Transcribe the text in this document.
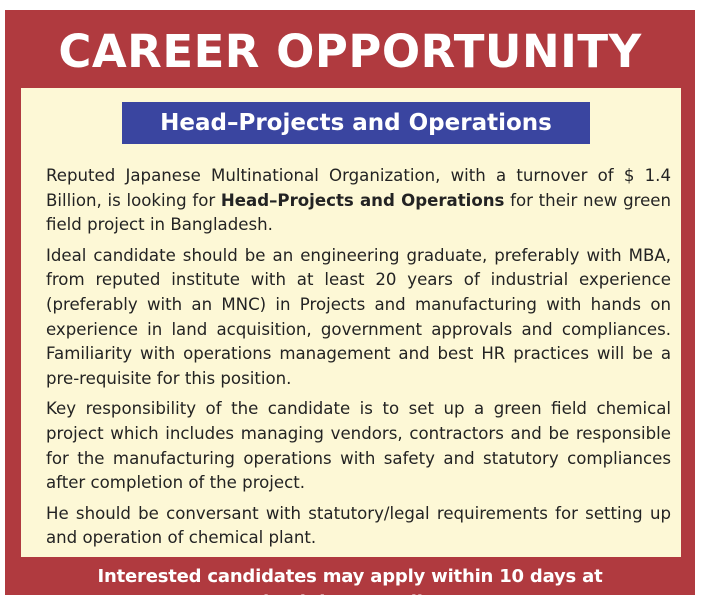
CAREER OPPORTUNITY
Head–Projects and Operations

Reputed Japanese Multinational Organization, with a turnover of $ 1.4 Billion, is looking for Head–Projects and Operations for their new green field project in Bangladesh.

Ideal candidate should be an engineering graduate, preferably with MBA, from reputed institute with at least 20 years of industrial experience (preferably with an MNC) in Projects and manufacturing with hands on experience in land acquisition, government approvals and compliances. Familiarity with operations management and best HR practices will be a pre-requisite for this position.

Key responsibility of the candidate is to set up a green field chemical project which includes managing vendors, contractors and be responsible for the manufacturing operations with safety and statutory compliances after completion of the project.

He should be conversant with statutory/legal requirements for setting up and operation of chemical plant.

Interested candidates may apply within 10 days at “projectbd17@gmail.com”
